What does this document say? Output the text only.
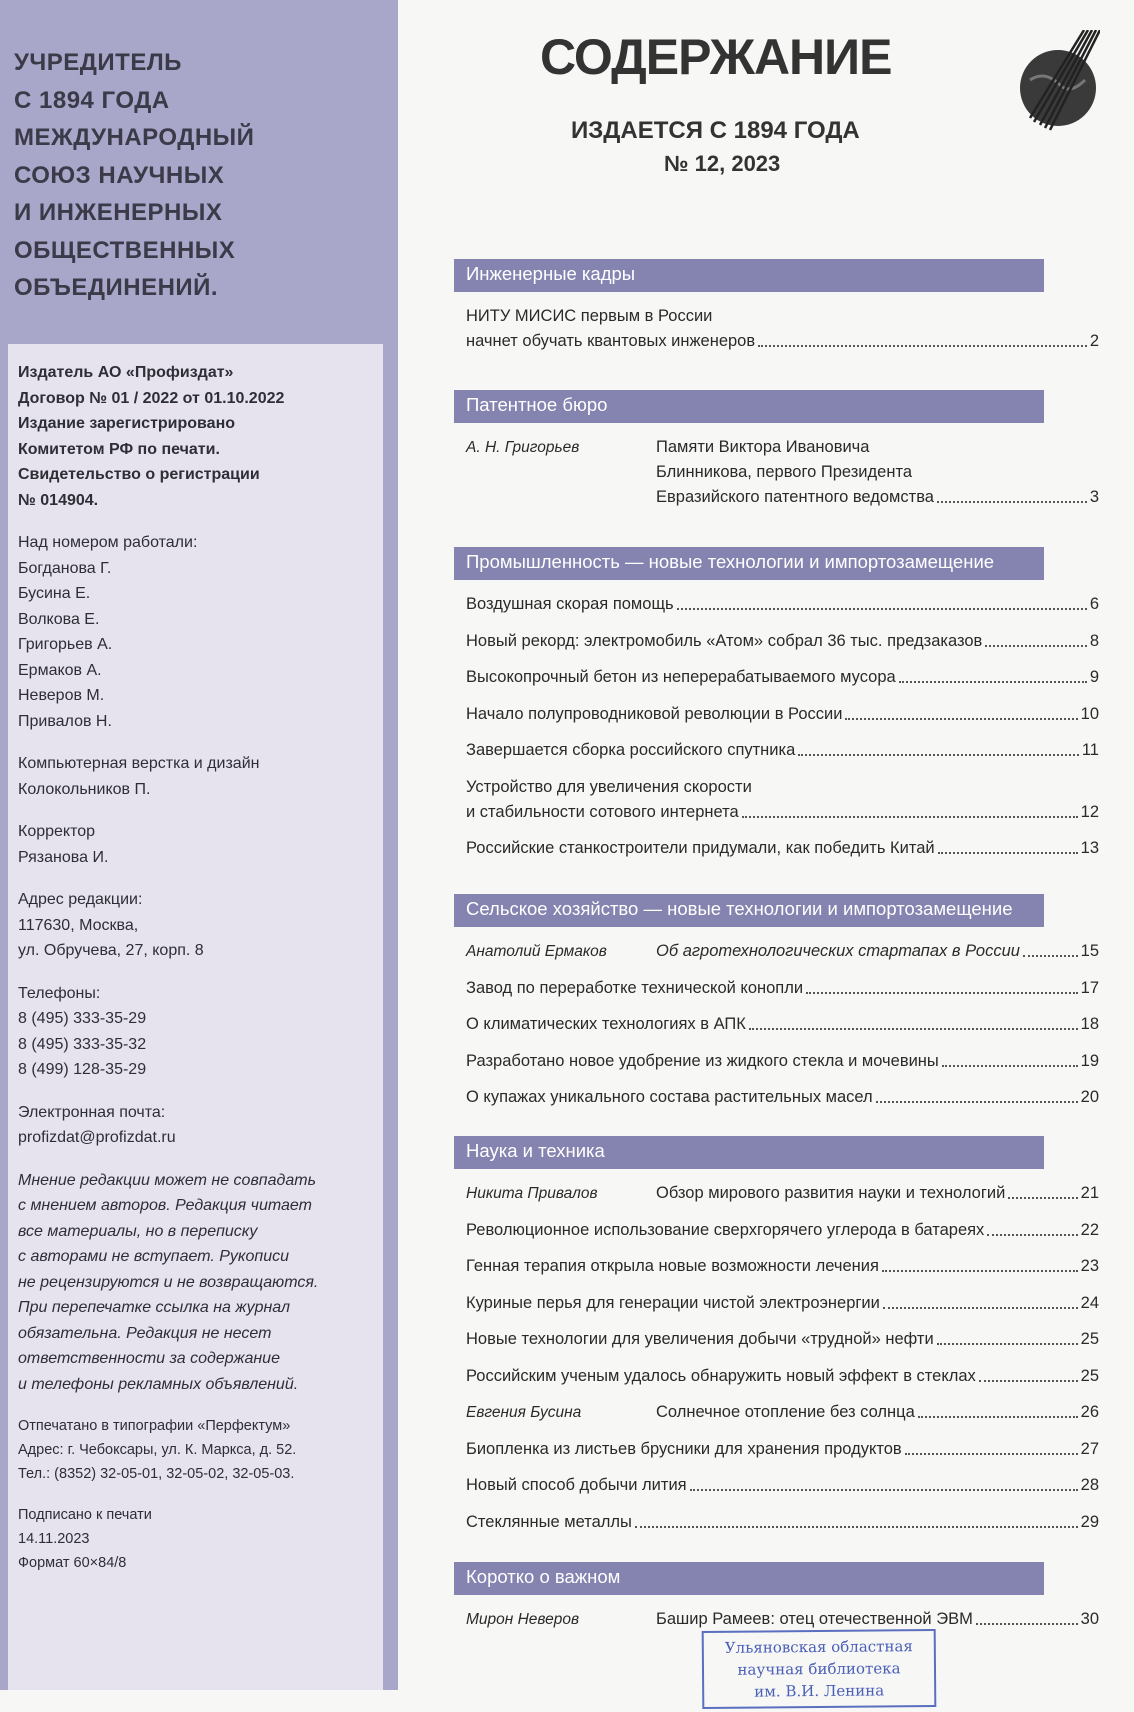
УЧРЕДИТЕЛЬ
С 1894 ГОДА
МЕЖДУНАРОДНЫЙ
СОЮЗ НАУЧНЫХ
И ИНЖЕНЕРНЫХ
ОБЩЕСТВЕННЫХ
ОБЪЕДИНЕНИЙ.
Издатель АО «Профиздат»
Договор № 01 / 2022 от 01.10.2022
Издание зарегистрировано
Комитетом РФ по печати.
Свидетельство о регистрации
№ 014904.
Над номером работали:
Богданова Г.
Бусина Е.
Волкова Е.
Григорьев А.
Ермаков А.
Неверов М.
Привалов Н.
Компьютерная верстка и дизайн
Колокольников П.
Корректор
Рязанова И.
Адрес редакции:
117630, Москва,
ул. Обручева, 27, корп. 8
Телефоны:
8 (495) 333-35-29
8 (495) 333-35-32
8 (499) 128-35-29
Электронная почта:
profizdat@profizdat.ru
Мнение редакции может не совпадать
с мнением авторов. Редакция читает
все материалы, но в переписку
с авторами не вступает. Рукописи
не рецензируются и не возвращаются.
При перепечатке ссылка на журнал
обязательна. Редакция не несет
ответственности за содержание
и телефоны рекламных объявлений.
Отпечатано в типографии «Перфектум»
Адрес: г. Чебоксары, ул. К. Маркса, д. 52.
Тел.: (8352) 32-05-01, 32-05-02, 32-05-03.
Подписано к печати
14.11.2023
Формат 60×84/8
СОДЕРЖАНИЕ
ИЗДАЕТСЯ С 1894 ГОДА
№ 12, 2023
Инженерные кадры
НИТУ МИСИС первым в России
начнет обучать квантовых инженеров	2
Патентное бюро
А. Н. Григорьев	Памяти Виктора Ивановича
Блинникова, первого Президента
Евразийского патентного ведомства	3
Промышленность — новые технологии и импортозамещение
Воздушная скорая помощь	6
Новый рекорд: электромобиль «Атом» собрал 36 тыс. предзаказов	8
Высокопрочный бетон из неперерабатываемого мусора	9
Начало полупроводниковой революции в России	10
Завершается сборка российского спутника	11
Устройство для увеличения скорости
и стабильности сотового интернета	12
Российские станкостроители придумали, как победить Китай	13
Сельское хозяйство — новые технологии и импортозамещение
Анатолий Ермаков	Об агротехнологических стартапах в России	15
Завод по переработке технической конопли	17
О климатических технологиях в АПК	18
Разработано новое удобрение из жидкого стекла и мочевины	19
О купажах уникального состава растительных масел	20
Наука и техника
Никита Привалов	Обзор мирового развития науки и технологий	21
Революционное использование сверхгорячего углерода в батареях	22
Генная терапия открыла новые возможности лечения	23
Куриные перья для генерации чистой электроэнергии	24
Новые технологии для увеличения добычи «трудной» нефти	25
Российским ученым удалось обнаружить новый эффект в стеклах	25
Евгения Бусина	Солнечное отопление без солнца	26
Биопленка из листьев брусники для хранения продуктов	27
Новый способ добычи лития	28
Стеклянные металлы	29
Коротко о важном
Мирон Неверов	Башир Рамеев: отец отечественной ЭВМ	30
Ульяновская областная
научная библиотека
им. В.И. Ленина
